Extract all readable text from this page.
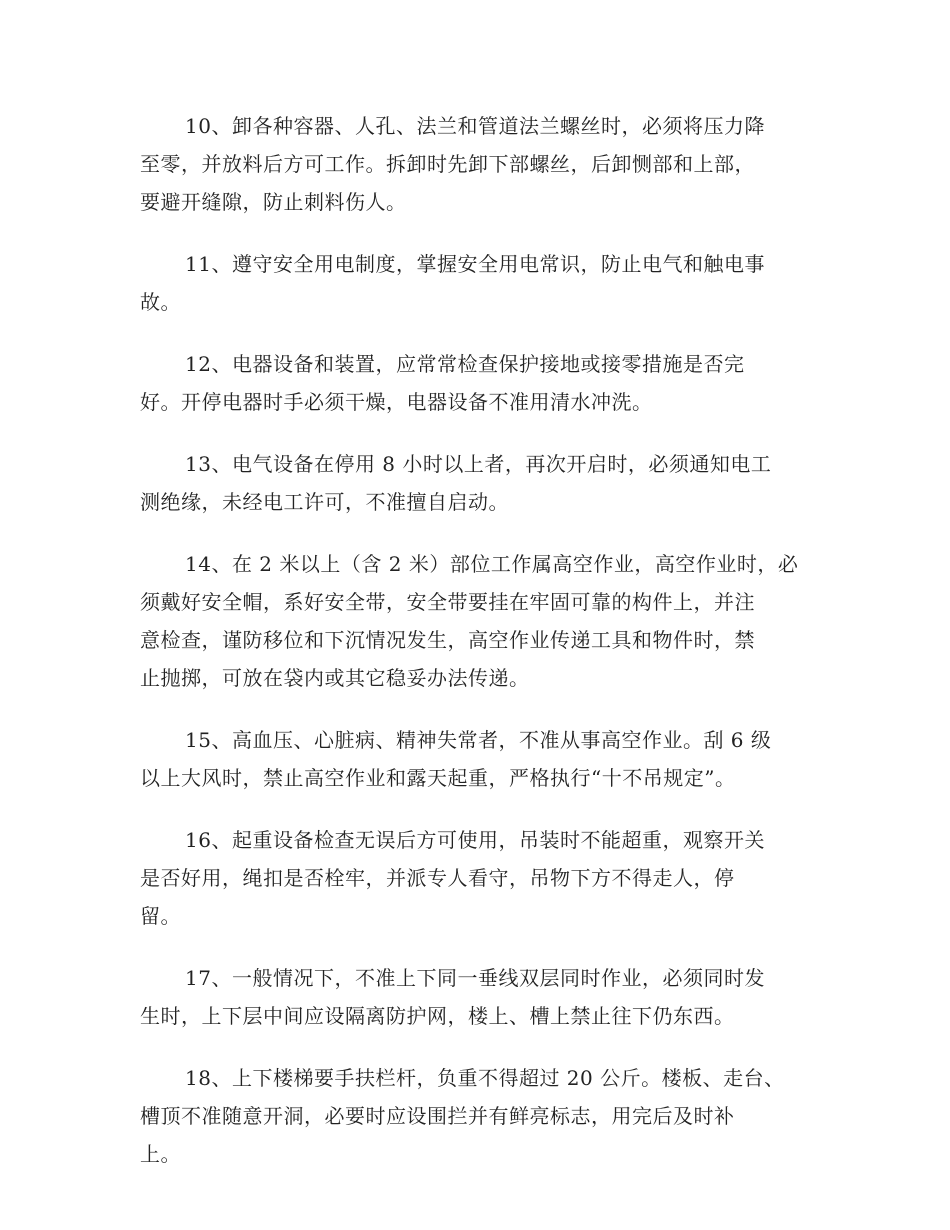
10、卸各种容器、人孔、法兰和管道法兰螺丝时，必须将压力降
至零，并放料后方可工作。拆卸时先卸下部螺丝，后卸恻部和上部，
要避开缝隙，防止刺料伤人。

11、遵守安全用电制度，掌握安全用电常识，防止电气和触电事
故。

12、电器设备和装置，应常常检查保护接地或接零措施是否完
好。开停电器时手必须干燥，电器设备不准用清水冲洗。

13、电气设备在停用 8 小时以上者，再次开启时，必须通知电工
测绝缘，未经电工许可，不准擅自启动。

14、在 2 米以上（含 2 米）部位工作属高空作业，高空作业时，必
须戴好安全帽，系好安全带，安全带要挂在牢固可靠的构件上，并注
意检查，谨防移位和下沉情况发生，高空作业传递工具和物件时，禁
止抛掷，可放在袋内或其它稳妥办法传递。

15、高血压、心脏病、精神失常者，不准从事高空作业。刮 6 级
以上大风时，禁止高空作业和露天起重，严格执行“十不吊规定”。

16、起重设备检查无误后方可使用，吊装时不能超重，观察开关
是否好用，绳扣是否栓牢，并派专人看守，吊物下方不得走人，停
留。

17、一般情况下，不准上下同一垂线双层同时作业，必须同时发
生时，上下层中间应设隔离防护网，楼上、槽上禁止往下仍东西。

18、上下楼梯要手扶栏杆，负重不得超过 20 公斤。楼板、走台、
槽顶不准随意开洞，必要时应设围拦并有鲜亮标志，用完后及时补
上。
